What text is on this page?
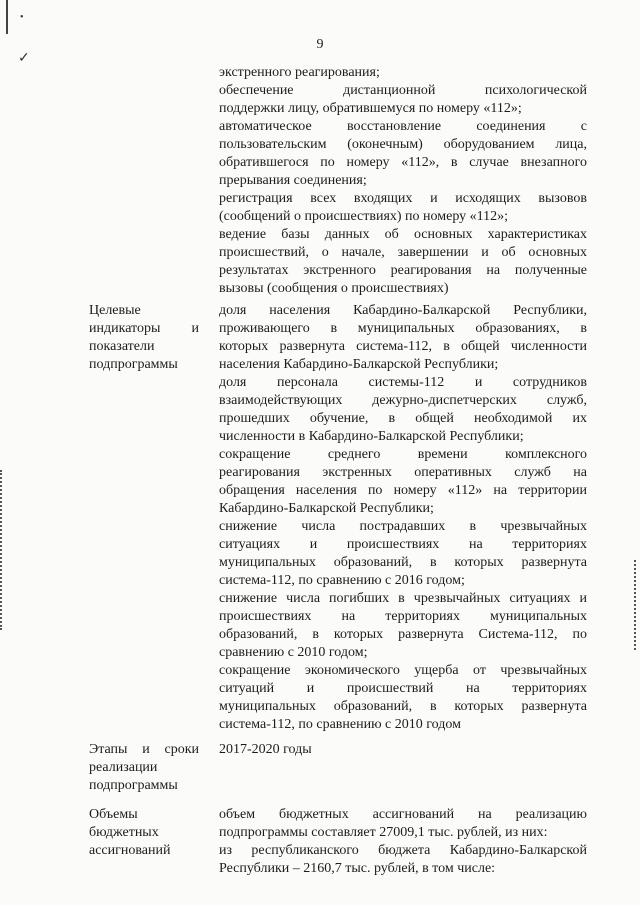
•
✓
9

экстренного реагирования;

обеспечение дистанционной психологической

поддержки лицу, обратившемуся по номеру «112»;

автоматическое восстановление соединения с

пользовательским (оконечным) оборудованием лица,

обратившегося по номеру «112», в случае внезапного

прерывания соединения;

регистрация всех входящих и исходящих вызовов

(сообщений о происшествиях) по номеру «112»;

ведение базы данных об основных характеристиках

происшествий, о начале, завершении и об основных

результатах экстренного реагирования на полученные

вызовы (сообщения о происшествиях)

Целевые

индикаторы и

показатели

подпрограммы

доля населения Кабардино-Балкарской Республики,

проживающего в муниципальных образованиях, в

которых развернута система-112, в общей численности

населения Кабардино-Балкарской Республики;

доля персонала системы-112 и сотрудников

взаимодействующих дежурно-диспетчерских служб,

прошедших обучение, в общей необходимой их

численности в Кабардино-Балкарской Республики;

сокращение среднего времени комплексного

реагирования экстренных оперативных служб на

обращения населения по номеру «112» на территории

Кабардино-Балкарской Республики;

снижение числа пострадавших в чрезвычайных

ситуациях и происшествиях на территориях

муниципальных образований, в которых развернута

система-112, по сравнению с 2016 годом;

снижение числа погибших в чрезвычайных ситуациях и

происшествиях на территориях муниципальных

образований, в которых развернута Система-112, по

сравнению с 2010 годом;

сокращение экономического ущерба от чрезвычайных

ситуаций и происшествий на территориях

муниципальных образований, в которых развернута

система-112, по сравнению с 2010 годом

Этапы и сроки

реализации

подпрограммы

2017-2020 годы

Объемы

бюджетных

ассигнований

объем бюджетных ассигнований на реализацию

подпрограммы составляет 27009,1 тыс. рублей, из них:

из республиканского бюджета Кабардино-Балкарской

Республики – 2160,7 тыс. рублей, в том числе:
